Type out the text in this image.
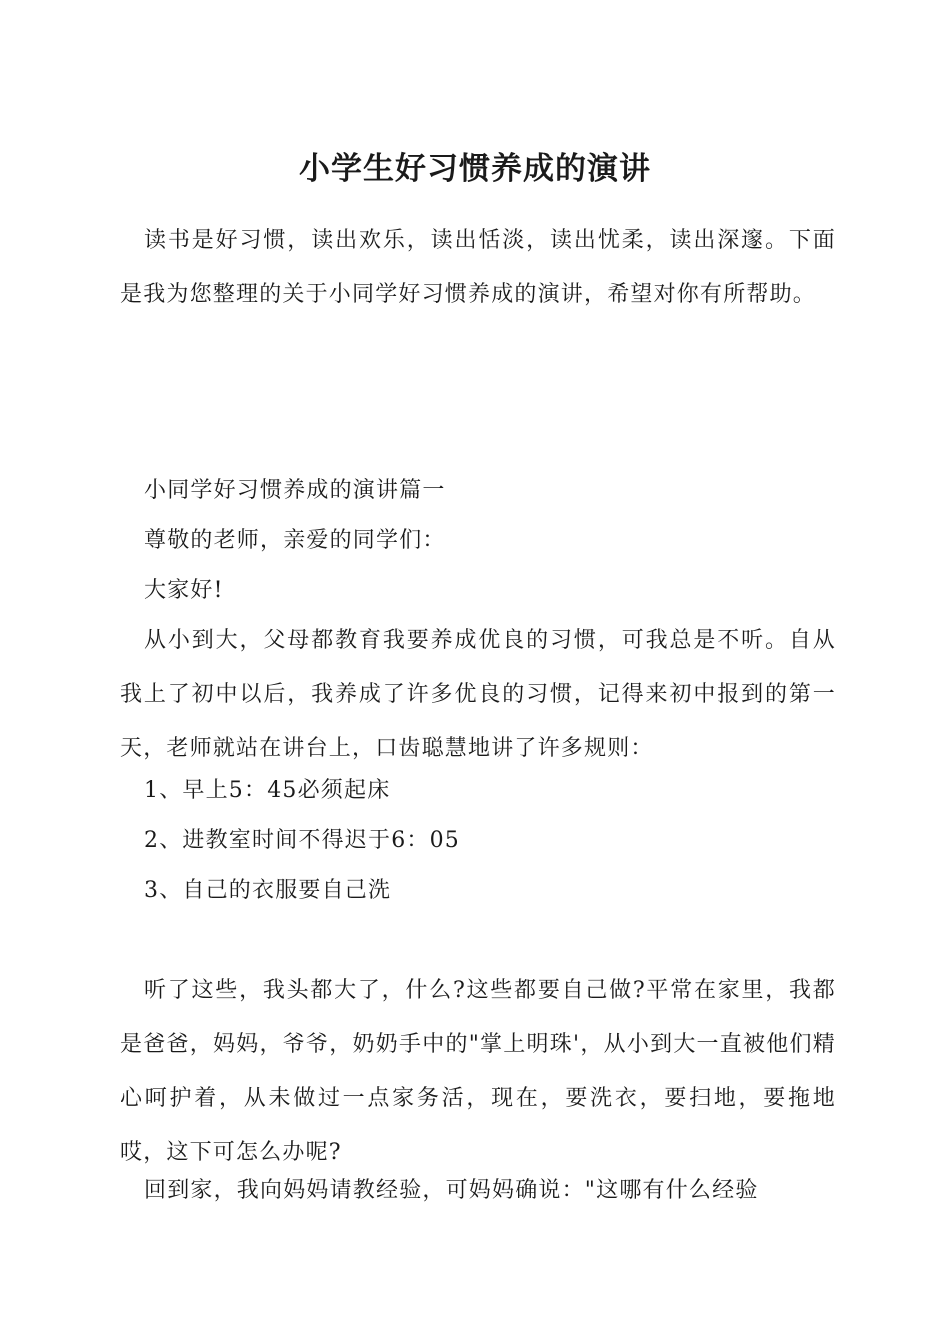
小学生好习惯养成的演讲

读书是好习惯，读出欢乐，读出恬淡，读出忧柔，读出深邃。下面是我为您整理的关于小同学好习惯养成的演讲，希望对你有所帮助。

小同学好习惯养成的演讲篇一

尊敬的老师，亲爱的同学们：

大家好!

从小到大，父母都教育我要养成优良的习惯，可我总是不听。自从我上了初中以后，我养成了许多优良的习惯，记得来初中报到的第一天，老师就站在讲台上，口齿聪慧地讲了许多规则：

1、早上5：45必须起床

2、进教室时间不得迟于6：05

3、自己的衣服要自己洗

听了这些，我头都大了，什么?这些都要自己做?平常在家里，我都是爸爸，妈妈，爷爷，奶奶手中的"掌上明珠'，从小到大一直被他们精心呵护着，从未做过一点家务活，现在，要洗衣，要扫地，要拖地哎，这下可怎么办呢?

回到家，我向妈妈请教经验，可妈妈确说："这哪有什么经验
